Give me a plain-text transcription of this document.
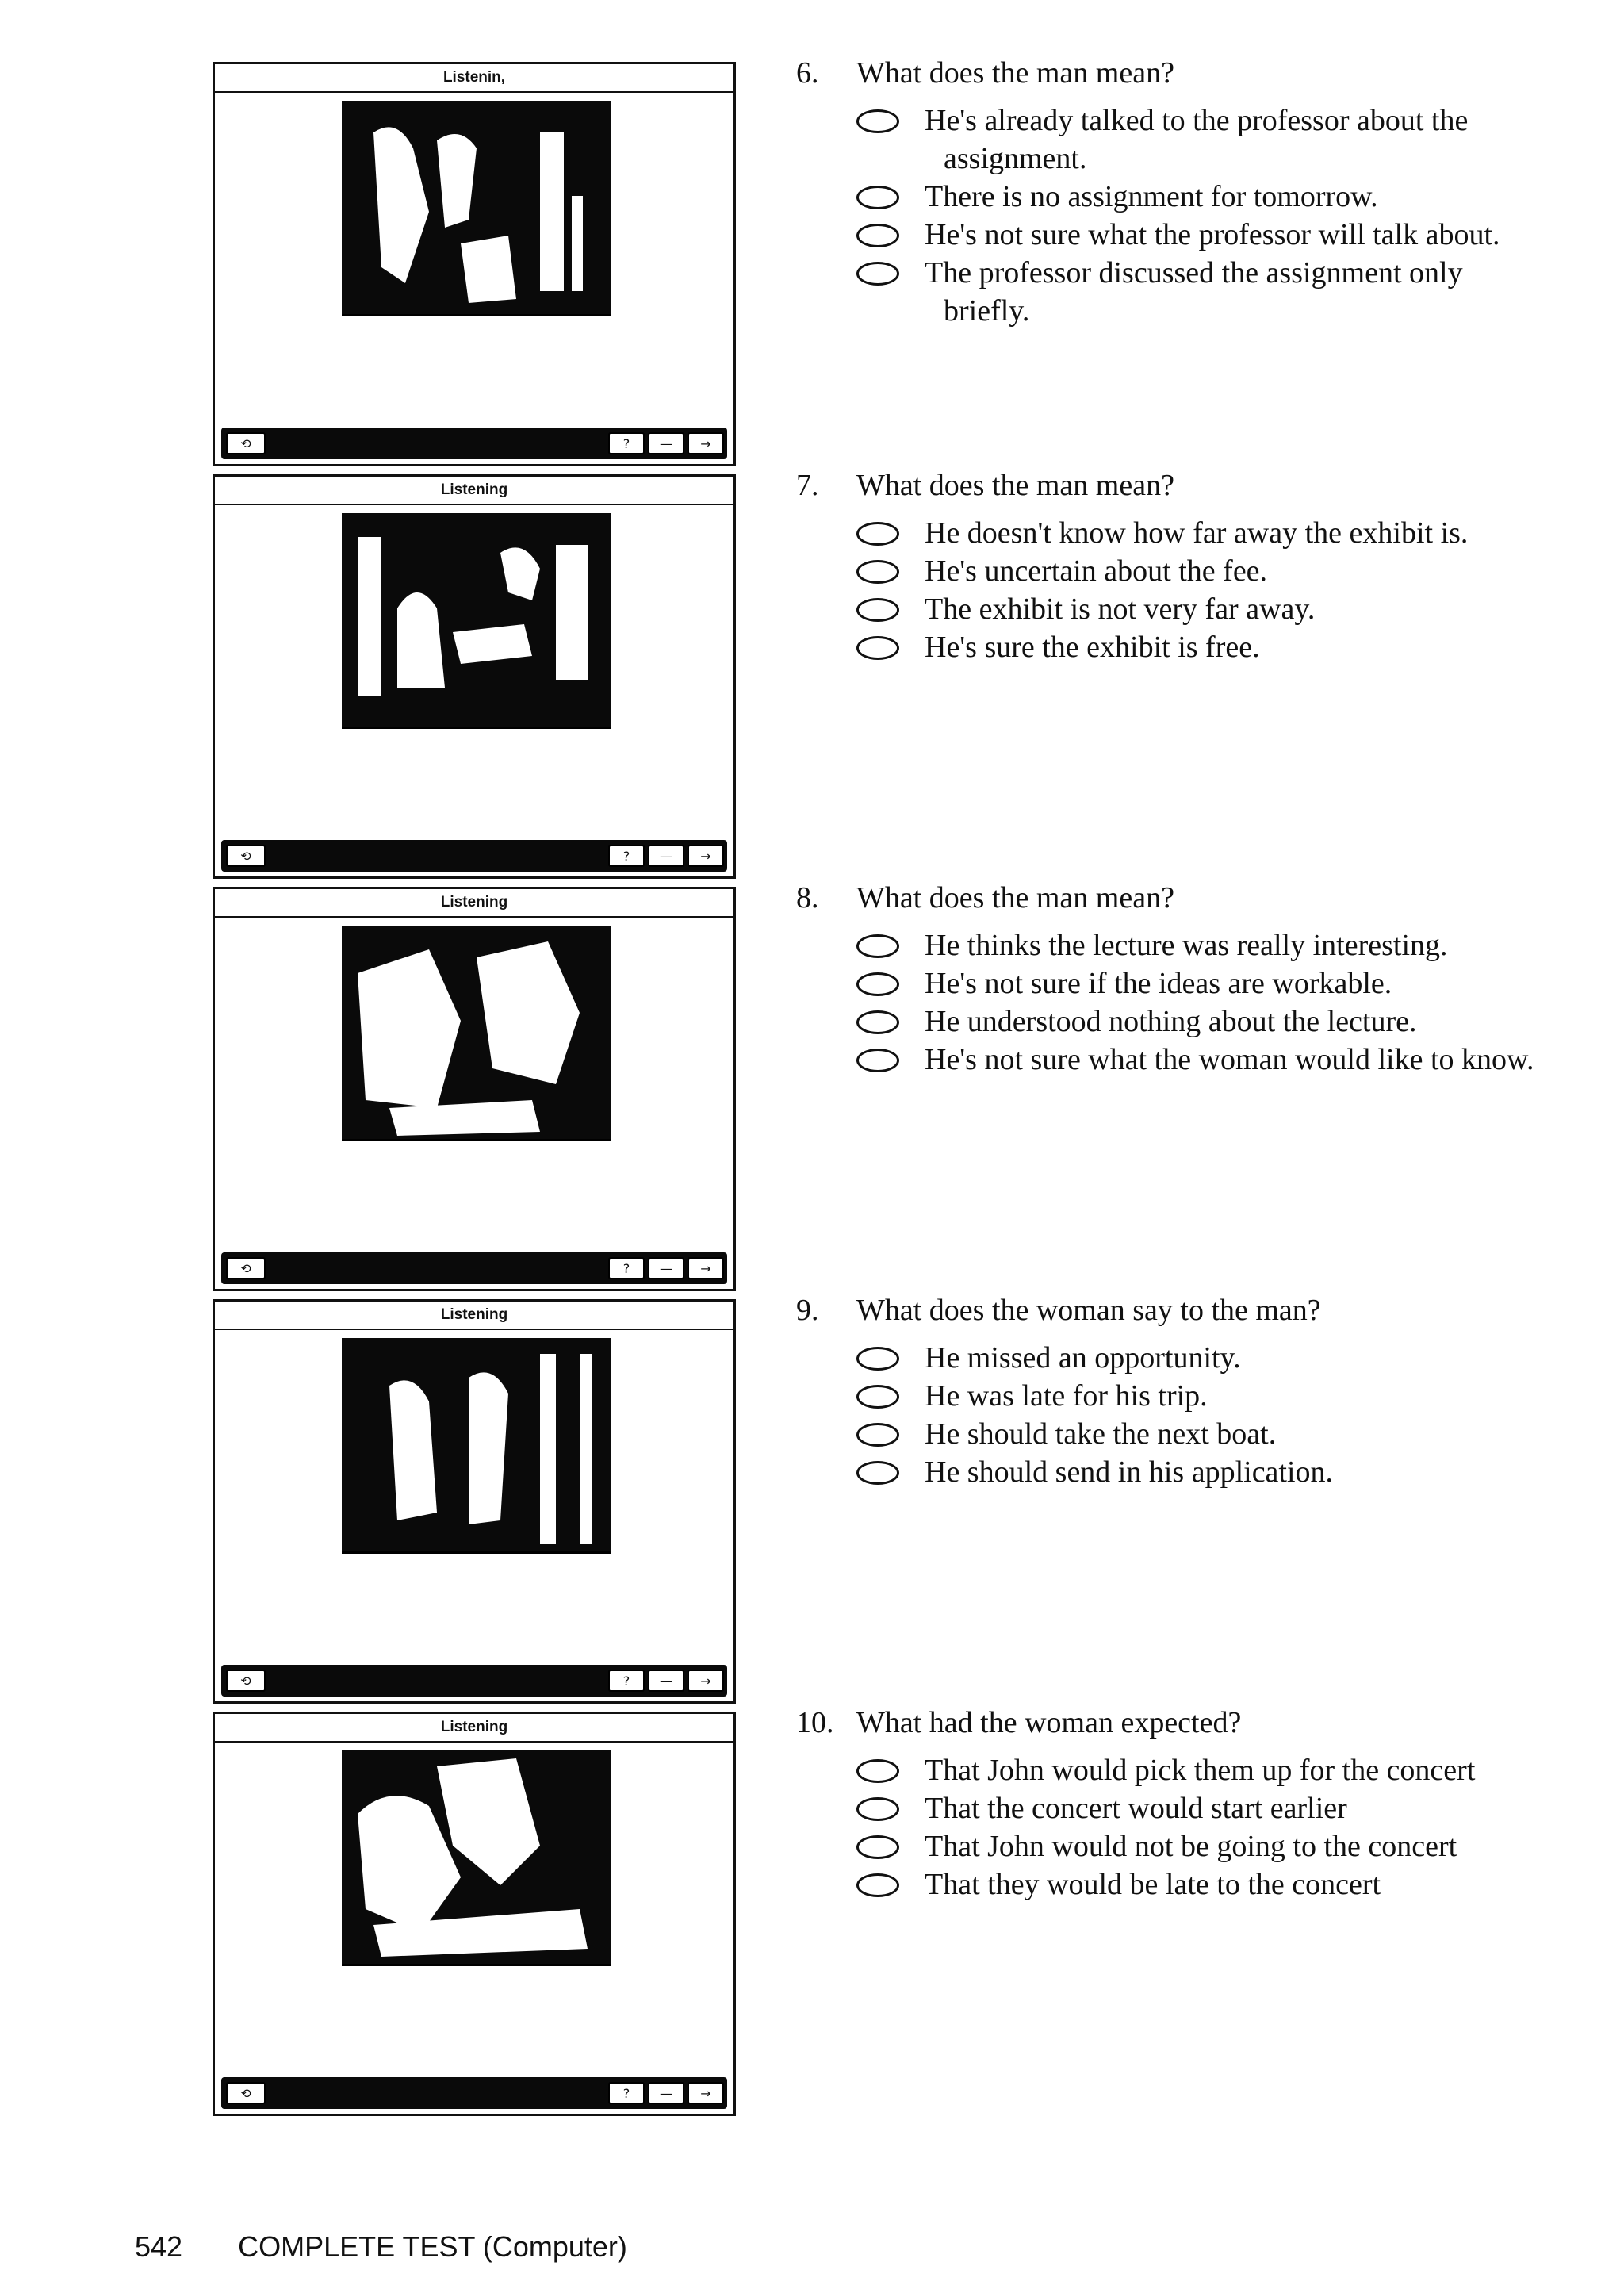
Listenin,
⟲	?	—	→
Listening
⟲	?	—	→
Listening
⟲	?	—	→
Listening
⟲	?	—	→
Listening
⟲	?	—	→
6.	What does the man mean?
He's already talked to the professor about the
assignment.
There is no assignment for tomorrow.
He's not sure what the professor will talk about.
The professor discussed the assignment only
briefly.
7.	What does the man mean?
He doesn't know how far away the exhibit is.
He's uncertain about the fee.
The exhibit is not very far away.
He's sure the exhibit is free.
8.	What does the man mean?
He thinks the lecture was really interesting.
He's not sure if the ideas are workable.
He understood nothing about the lecture.
He's not sure what the woman would like to know.
9.	What does the woman say to the man?
He missed an opportunity.
He was late for his trip.
He should take the next boat.
He should send in his application.
10. What had the woman expected?
That John would pick them up for the concert
That the concert would start earlier
That John would not be going to the concert
That they would be late to the concert
542 COMPLETE TEST (Computer)
